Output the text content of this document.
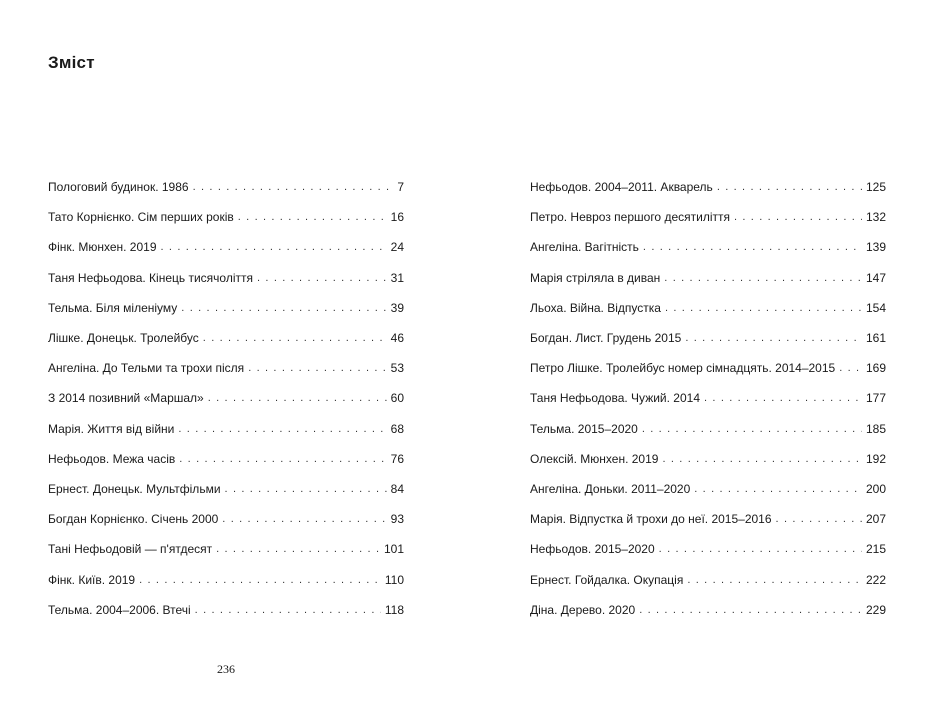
Зміст
Пологовий будинок. 1986 . . .	7
Тато Корнієнко. Сім перших років . . .	16
Фінк. Мюнхен. 2019 . . .	24
Таня Нефьодова. Кінець тисячоліття . . .	31
Тельма. Біля міленіуму . . .	39
Лішке. Донецьк. Тролейбус . . .	46
Ангеліна. До Тельми та трохи після . . .	53
З 2014 позивний «Маршал» . . .	60
Марія. Життя від війни . . .	68
Нефьодов. Межа часів . . .	76
Ернест. Донецьк. Мультфільми . . .	84
Богдан Корнієнко. Січень 2000 . . .	93
Тані Нефьодовій — п'ятдесят . . .	101
Фінк. Київ. 2019 . . .	110
Тельма. 2004–2006. Втечі . . .	118
Нефьодов. 2004–2011. Акварель . . .	125
Петро. Невроз першого десятиліття . . .	132
Ангеліна. Вагітність . . .	139
Марія стріляла в диван . . .	147
Льоха. Війна. Відпустка . . .	154
Богдан. Лист. Грудень 2015 . . .	161
Петро Лішке. Тролейбус номер сімнадцять. 2014–2015 . . .	169
Таня Нефьодова. Чужий. 2014 . . .	177
Тельма. 2015–2020 . . .	185
Олексій. Мюнхен. 2019 . . .	192
Ангеліна. Доньки. 2011–2020 . . .	200
Марія. Відпустка й трохи до неї. 2015–2016 . . .	207
Нефьодов. 2015–2020 . . .	215
Ернест. Гойдалка. Окупація . . .	222
Діна. Дерево. 2020 . . .	229
236
